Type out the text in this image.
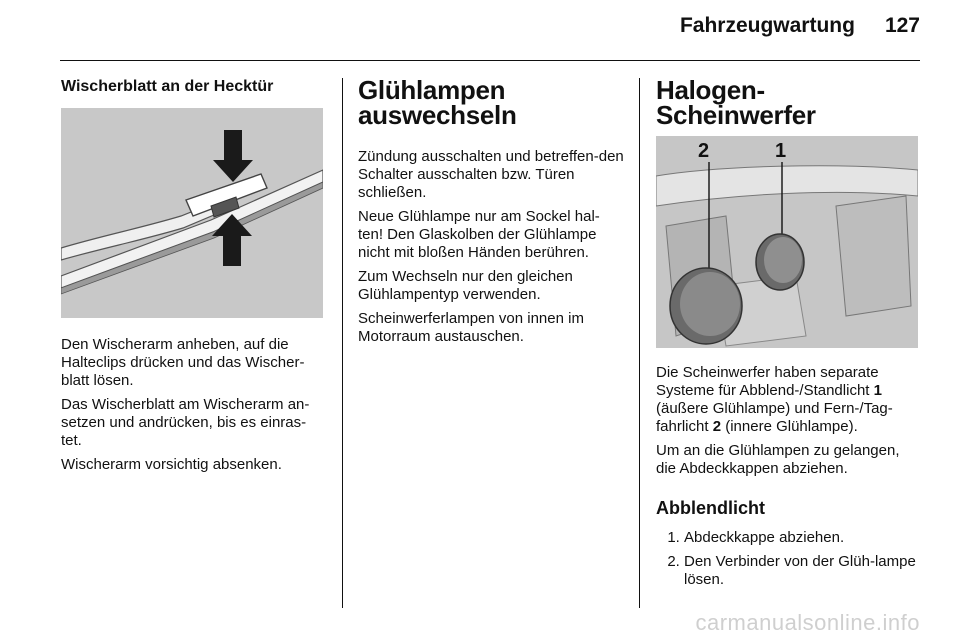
Fahrzeugwartung 127
Wischerblatt an der Hecktür

Den Wischerarm anheben, auf die Halteclips drücken und das Wischer-blatt lösen.

Das Wischerblatt am Wischerarm an-setzen und andrücken, bis es einras-tet.

Wischerarm vorsichtig absenken.

Glühlampen auswechseln

Zündung ausschalten und betreffen-den Schalter ausschalten bzw. Türen schließen.

Neue Glühlampe nur am Sockel hal-ten! Den Glaskolben der Glühlampe nicht mit bloßen Händen berühren.

Zum Wechseln nur den gleichen Glühlampentyp verwenden.

Scheinwerferlampen von innen im Motorraum austauschen.

Halogen-Scheinwerfer
2	1

Die Scheinwerfer haben separate Systeme für Abblend-/Standlicht 1 (äußere Glühlampe) und Fern-/Tag-fahrlicht 2 (innere Glühlampe).

Um an die Glühlampen zu gelangen, die Abdeckkappen abziehen.

Abblendlicht
1. Abdeckkappe abziehen.
2. Den Verbinder von der Glüh-lampe lösen.
carmanualsonline.info
